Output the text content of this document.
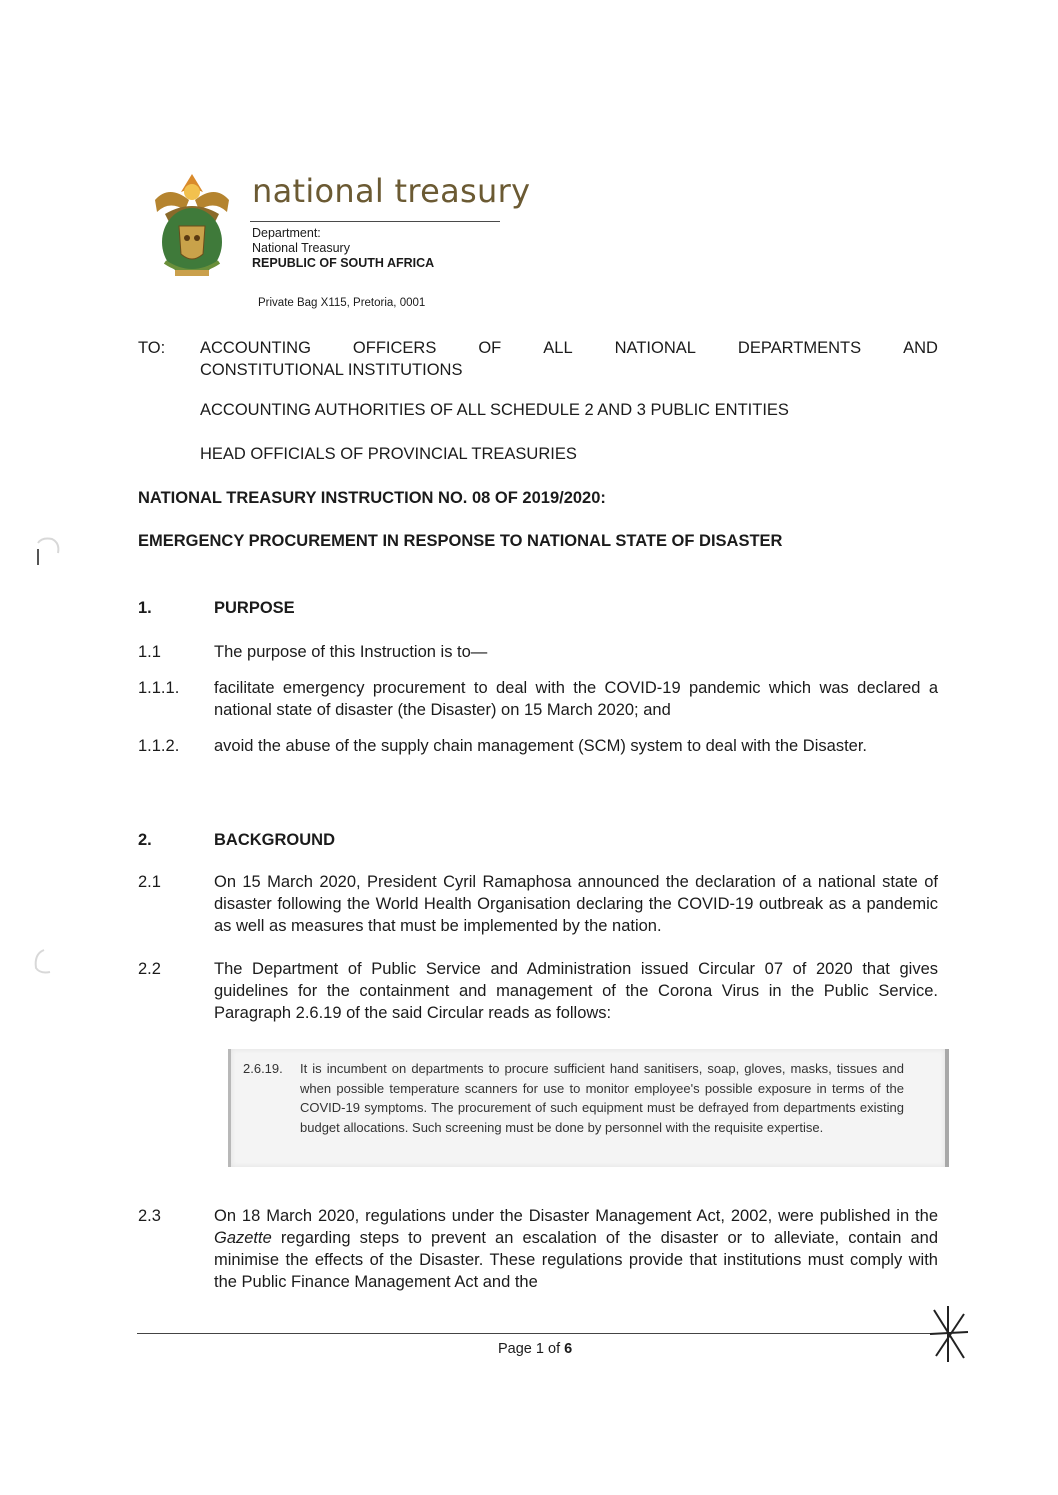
national treasury
Department:
National Treasury
REPUBLIC OF SOUTH AFRICA
Private Bag X115, Pretoria, 0001
TO: ACCOUNTING	OFFICERS	OF	ALL	NATIONAL	DEPARTMENTS	AND
CONSTITUTIONAL INSTITUTIONS
ACCOUNTING AUTHORITIES OF ALL SCHEDULE 2 AND 3 PUBLIC ENTITIES
HEAD OFFICIALS OF PROVINCIAL TREASURIES
NATIONAL TREASURY INSTRUCTION NO. 08 OF 2019/2020:
EMERGENCY PROCUREMENT IN RESPONSE TO NATIONAL STATE OF DISASTER
1.	PURPOSE
1.1	The purpose of this Instruction is to—
1.1.1. facilitate emergency procurement to deal with the COVID-19 pandemic which was declared a national state of disaster (the Disaster) on 15 March 2020; and
1.1.2. avoid the abuse of the supply chain management (SCM) system to deal with the Disaster.
2.	BACKGROUND
2.1	On 15 March 2020, President Cyril Ramaphosa announced the declaration of a national state of disaster following the World Health Organisation declaring the COVID-19 outbreak as a pandemic as well as measures that must be implemented by the nation.
2.2	The Department of Public Service and Administration issued Circular 07 of 2020 that gives guidelines for the containment and management of the Corona Virus in the Public Service. Paragraph 2.6.19 of the said Circular reads as follows:
2.6.19. It is incumbent on departments to procure sufficient hand sanitisers, soap, gloves, masks, tissues and when possible temperature scanners for use to monitor employee's possible exposure in terms of the COVID-19 symptoms. The procurement of such equipment must be defrayed from departments existing budget allocations. Such screening must be done by personnel with the requisite expertise.
2.3	On 18 March 2020, regulations under the Disaster Management Act, 2002, were published in the Gazette regarding steps to prevent an escalation of the disaster or to alleviate, contain and minimise the effects of the Disaster. These regulations provide that institutions must comply with the Public Finance Management Act and the
Page 1 of 6
